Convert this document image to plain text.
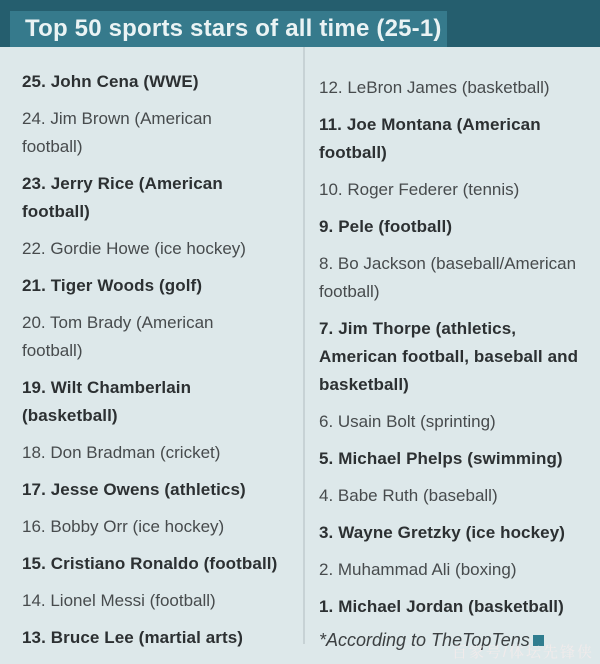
Top 50 sports stars of all time (25-1)
25. John Cena (WWE)
24. Jim Brown (American
football)
23. Jerry Rice (American
football)
22. Gordie Howe (ice hockey)
21. Tiger Woods (golf)
20. Tom Brady (American
football)
19. Wilt Chamberlain
(basketball)
18. Don Bradman (cricket)
17. Jesse Owens (athletics)
16. Bobby Orr (ice hockey)
15. Cristiano Ronaldo (football)
14. Lionel Messi (football)
13. Bruce Lee (martial arts)
12. LeBron James (basketball)
11. Joe Montana (American
football)
10. Roger Federer (tennis)
9. Pele (football)
8. Bo Jackson (baseball/American
football)
7. Jim Thorpe (athletics,
American football, baseball and
basketball)
6. Usain Bolt (sprinting)
5. Michael Phelps (swimming)
4. Babe Ruth (baseball)
3. Wayne Gretzky (ice hockey)
2. Muhammad Ali (boxing)
1. Michael Jordan (basketball)
*According to TheTopTens
百家号/体坛先锋侠
